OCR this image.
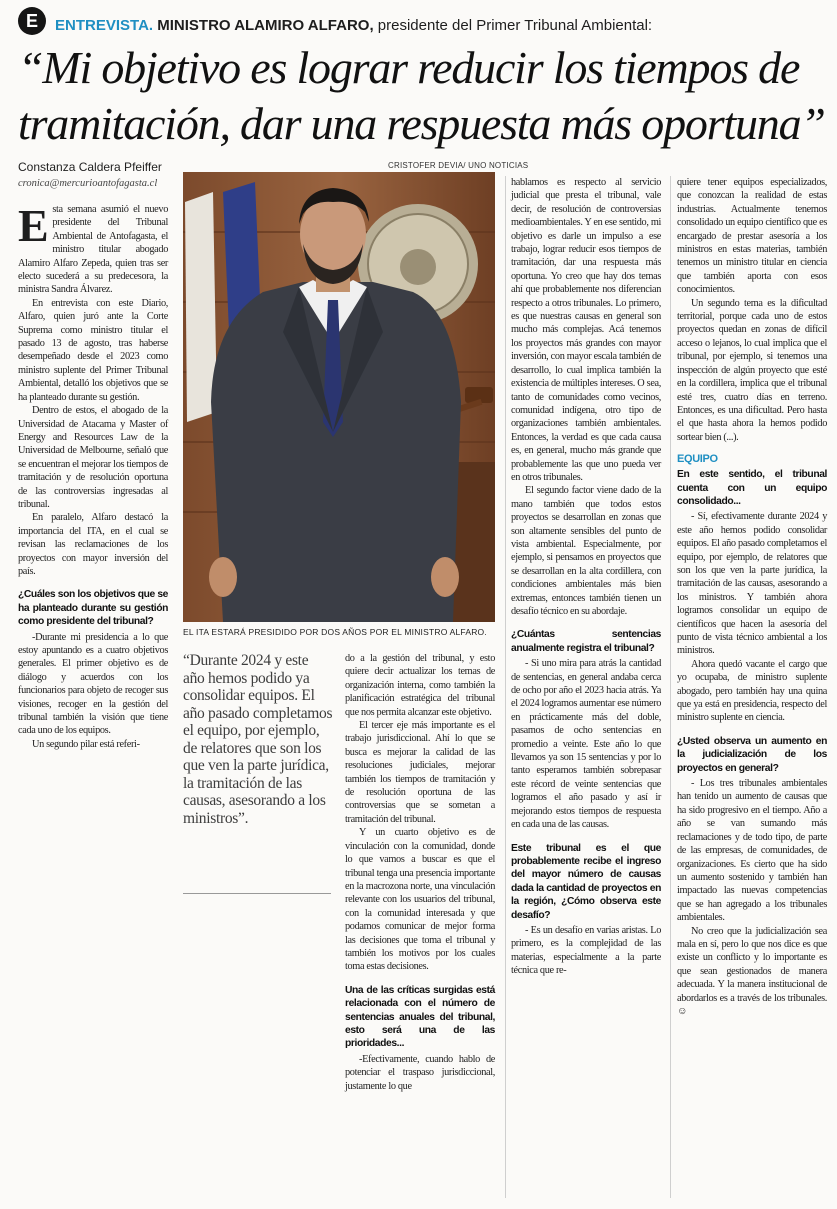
E	ENTREVISTA. MINISTRO ALAMIRO ALFARO, presidente del Primer Tribunal Ambiental:
“Mi objetivo es lograr reducir los tiempos de tramitación, dar una respuesta más oportuna”
Constanza Caldera Pfeiffer
cronica@mercurioantofagasta.cl
CRISTOFER DEVIA/ UNO NOTICIAS
EL ITA ESTARÁ PRESIDIDO POR DOS AÑOS POR EL MINISTRO ALFARO.
“Durante 2024 y este año hemos podido ya consolidar equipos. El año pasado completamos el equipo, por ejemplo, de relatores que son los que ven la parte jurídica, la tramitación de las causas, asesorando a los ministros”.

Esta semana asumió el nuevo presidente del Tribunal Ambiental de Antofagasta, el ministro titular abogado Alamiro Alfaro Zepeda, quien tras ser electo sucederá a su predecesora, la ministra Sandra Álvarez.

En entrevista con este Diario, Alfaro, quien juró ante la Corte Suprema como ministro titular el pasado 13 de agosto, tras haberse desempeñado desde el 2023 como ministro suplente del Primer Tribunal Ambiental, detalló los objetivos que se ha planteado durante su gestión.

Dentro de estos, el abogado de la Universidad de Atacama y Master of Energy and Resources Law de la Universidad de Melbourne, señaló que se encuentran el mejorar los tiempos de tramitación y de resolución oportuna de las controversias ingresadas al tribunal.

En paralelo, Alfaro destacó la importancia del ITA, en el cual se revisan las reclamaciones de los proyectos con mayor inversión del país.

¿Cuáles son los objetivos que se ha planteado durante su gestión como presidente del tribunal?

-Durante mi presidencia a lo que estoy apuntando es a cuatro objetivos generales. El primer objetivo es de diálogo y acuerdos con los funcionarios para objeto de recoger sus visiones, recoger en la gestión del tribunal también la visión que tiene cada uno de los equipos.

Un segundo pilar está referi-

do a la gestión del tribunal, y esto quiere decir actualizar los temas de organización interna, como también la planificación estratégica del tribunal que nos permita alcanzar este objetivo.

El tercer eje más importante es el trabajo jurisdiccional. Ahí lo que se busca es mejorar la calidad de las resoluciones judiciales, mejorar también los tiempos de tramitación y de resolución oportuna de las controversias que se sometan a tramitación del tribunal.

Y un cuarto objetivo es de vinculación con la comunidad, donde lo que vamos a buscar es que el tribunal tenga una presencia importante en la macrozona norte, una vinculación relevante con los usuarios del tribunal, con la comunidad interesada y que podamos comunicar de mejor forma las decisiones que toma el tribunal y también los motivos por los cuales toma estas decisiones.

Una de las críticas surgidas está relacionada con el número de sentencias anuales del tribunal, esto será una de las prioridades...

-Efectivamente, cuando hablo de potenciar el traspaso jurisdiccional, justamente lo que

hablamos es respecto al servicio judicial que presta el tribunal, vale decir, de resolución de controversias medioambientales. Y en ese sentido, mi objetivo es darle un impulso a ese trabajo, lograr reducir esos tiempos de tramitación, dar una respuesta más oportuna. Yo creo que hay dos temas ahí que probablemente nos diferencian respecto a otros tribunales. Lo primero, es que nuestras causas en general son mucho más complejas. Acá tenemos los proyectos más grandes con mayor inversión, con mayor escala también de desarrollo, lo cual implica también la existencia de múltiples intereses. O sea, tanto de comunidades como vecinos, comunidad indígena, otro tipo de organizaciones también ambientales. Entonces, la verdad es que cada causa es, en general, mucho más grande que probablemente las que uno pueda ver en otros tribunales.

El segundo factor viene dado de la mano también que todos estos proyectos se desarrollan en zonas que son altamente sensibles del punto de vista ambiental. Especialmente, por ejemplo, si pensamos en proyectos que se desarrollan en la alta cordillera, con condiciones ambientales más bien extremas, entonces también tienen un desafío técnico en su abordaje.

¿Cuántas sentencias anualmente registra el tribunal?

- Si uno mira para atrás la cantidad de sentencias, en general andaba cerca de ocho por año el 2023 hacia atrás. Ya el 2024 logramos aumentar ese número en prácticamente más del doble, pasamos de ocho sentencias en promedio a veinte. Este año lo que llevamos ya son 15 sentencias y por lo tanto esperamos también sobrepasar este récord de veinte sentencias que logramos el año pasado y así ir mejorando estos tiempos de respuesta en cada una de las causas.

Este tribunal es el que probablemente recibe el ingreso del mayor número de causas dada la cantidad de proyectos en la región, ¿Cómo observa este desafío?

- Es un desafío en varias aristas. Lo primero, es la complejidad de las materias, especialmente a la parte técnica que re-

quiere tener equipos especializados, que conozcan la realidad de estas industrias. Actualmente tenemos consolidado un equipo científico que es encargado de prestar asesoría a los ministros en estas materias, también tenemos un ministro titular en ciencia que también aporta con esos conocimientos.

Un segundo tema es la dificultad territorial, porque cada uno de estos proyectos quedan en zonas de difícil acceso o lejanos, lo cual implica que el tribunal, por ejemplo, si tenemos una inspección de algún proyecto que esté en la cordillera, implica que el tribunal esté tres, cuatro días en terreno. Entonces, es una dificultad. Pero hasta el que hasta ahora la hemos podido sortear bien (...).

EQUIPO
En este sentido, el tribunal cuenta con un equipo consolidado...

- Sí, efectivamente durante 2024 y este año hemos podido consolidar equipos. El año pasado completamos el equipo, por ejemplo, de relatores que son los que ven la parte jurídica, la tramitación de las causas, asesorando a los ministros. Y también ahora logramos consolidar un equipo de científicos que hacen la asesoría del punto de vista técnico ambiental a los ministros.

Ahora quedó vacante el cargo que yo ocupaba, de ministro suplente abogado, pero también hay una quina que ya está en presidencia, respecto del ministro suplente en ciencia.

¿Usted observa un aumento en la judicialización de los proyectos en general?

- Los tres tribunales ambientales han tenido un aumento de causas que ha sido progresivo en el tiempo. Año a año se van sumando más reclamaciones y de todo tipo, de parte de las empresas, de comunidades, de organizaciones. Es cierto que ha sido un aumento sostenido y también han impactado las nuevas competencias que se han agregado a los tribunales ambientales.

No creo que la judicialización sea mala en sí, pero lo que nos dice es que existe un conflicto y lo importante es que sean gestionados de manera adecuada. Y la manera institucional de abordarlos es a través de los tribunales. ☺
